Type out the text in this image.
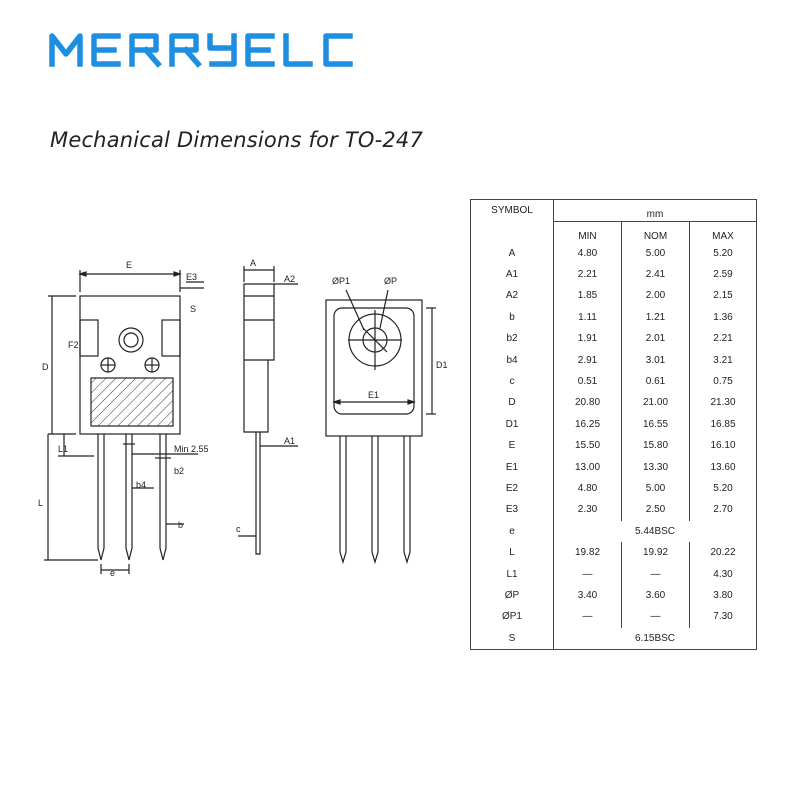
Mechanical Dimensions for TO-247
E
E3
S
F2
D
L1
L
Min 2.55
b2
b4
b
e
A
A2
A1
c
ØP1	ØP
D1
E1
SYMBOL	mm		
	MIN	NOM	MAX
A	4.80	5.00	5.20
A1	2.21	2.41	2.59
A2	1.85	2.00	2.15
b	1.11	1.21	1.36
b2	1.91	2.01	2.21
b4	2.91	3.01	3.21
c	0.51	0.61	0.75
D	20.80	21.00	21.30
D1	16.25	16.55	16.85
E	15.50	15.80	16.10
E1	13.00	13.30	13.60
E2	4.80	5.00	5.20
E3	2.30	2.50	2.70
e	5.44BSC		
L	19.82	19.92	20.22
L1	—	—	4.30
ØP	3.40	3.60	3.80
ØP1	—	—	7.30
S	6.15BSC		
